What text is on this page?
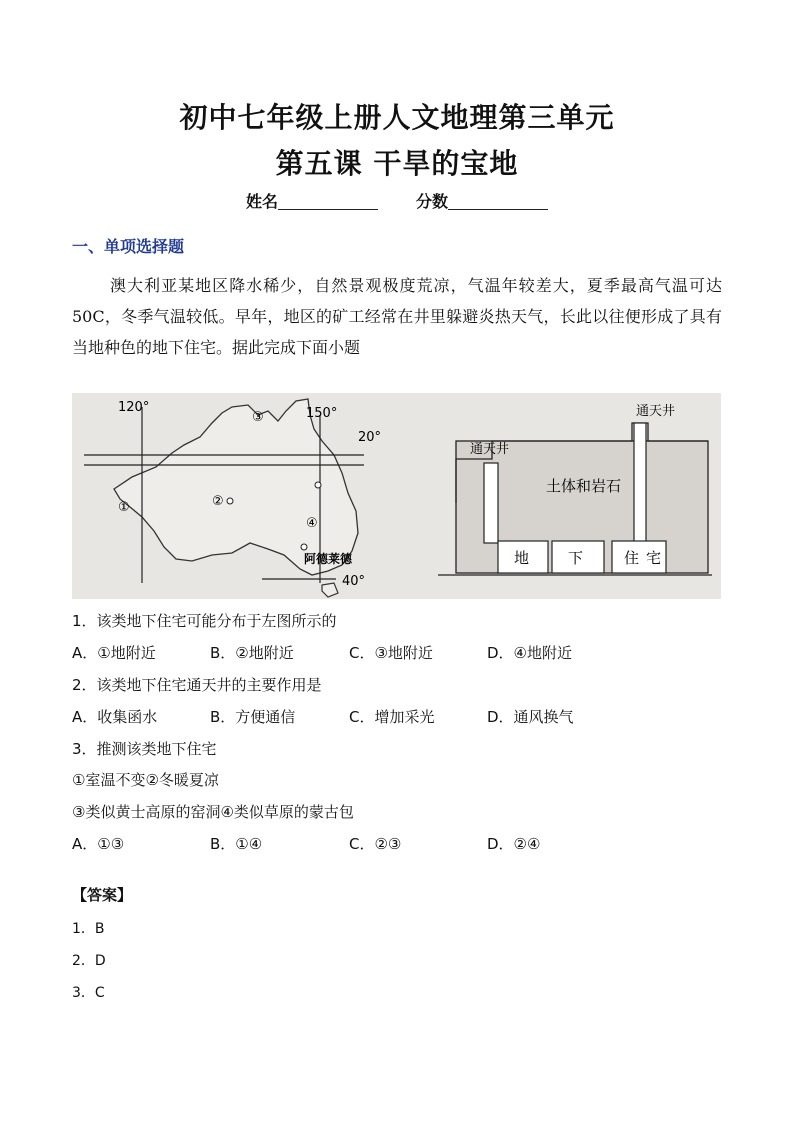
初中七年级上册人文地理第三单元
第五课 干旱的宝地
姓名	分数
一、单项选择题
澳大利亚某地区降水稀少，自然景观极度荒凉，气温年较差大，夏季最高气温可达50C，冬季气温较低。早年，地区的矿工经常在井里躲避炎热天气，长此以往便形成了具有当地种色的地下住宅。据此完成下面小题
120°	150°
20°
40°
①	②
③
④
阿德莱德
通天井
通天井
土体和岩石
地	下	住 宅
1．该类地下住宅可能分布于左图所示的
A．①地附近	B．②地附近	C．③地附近	D．④地附近
2．该类地下住宅通天井的主要作用是
A．收集函水	B．方便通信	C．增加采光	D．通风换气
3．推测该类地下住宅
①室温不变②冬暖夏凉
③类似黄士高原的窑洞④类似草原的蒙古包
A．①③	B．①④	C．②③	D．②④
【答案】
1．B
2．D
3．C
